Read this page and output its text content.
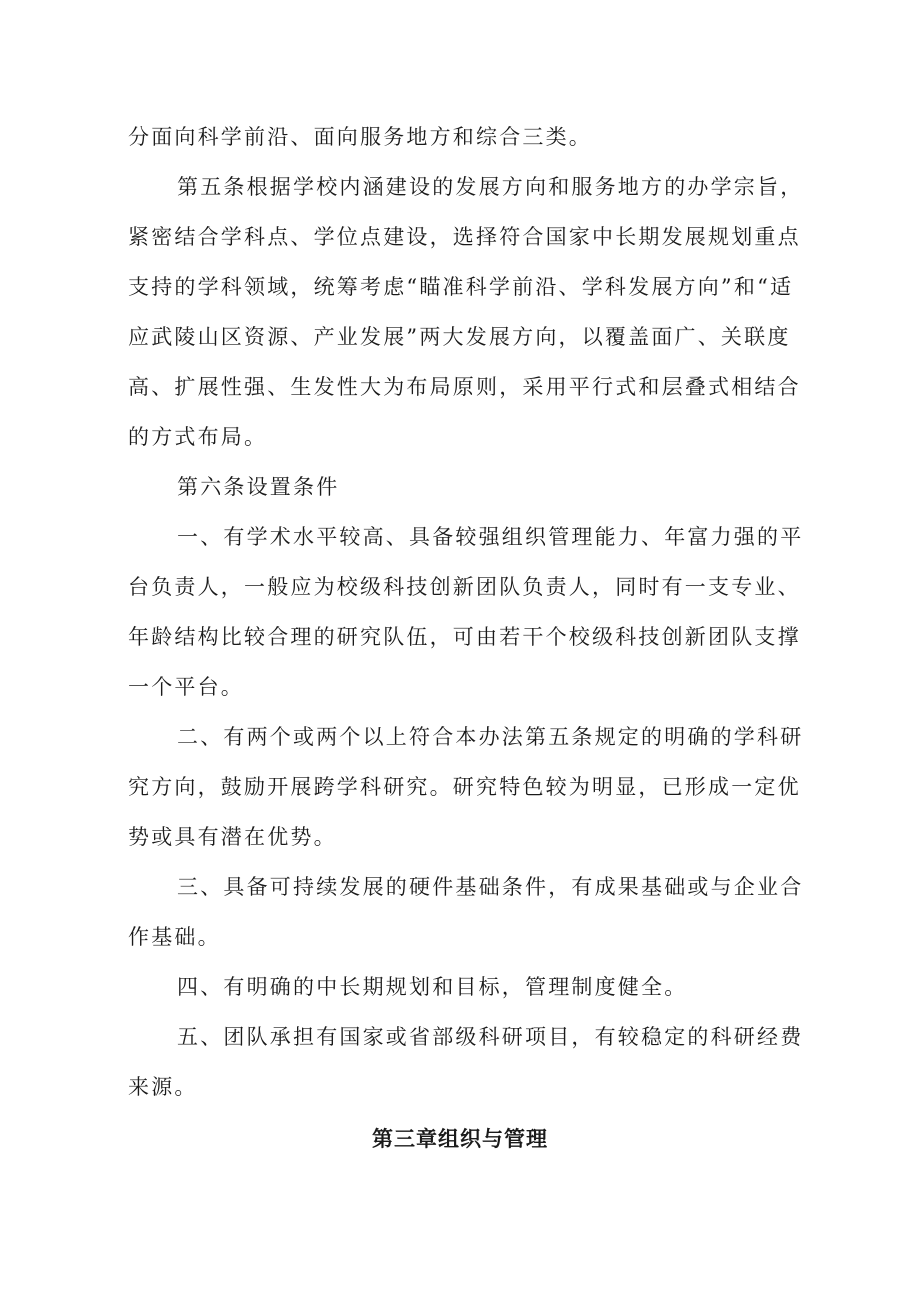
分面向科学前沿、面向服务地方和综合三类。
第五条根据学校内涵建设的发展方向和服务地方的办学宗旨，
紧密结合学科点、学位点建设，选择符合国家中长期发展规划重点
支持的学科领域，统筹考虑“瞄准科学前沿、学科发展方向”和“适
应武陵山区资源、产业发展”两大发展方向，以覆盖面广、关联度
高、扩展性强、生发性大为布局原则，采用平行式和层叠式相结合
的方式布局。
第六条设置条件
一、有学术水平较高、具备较强组织管理能力、年富力强的平
台负责人，一般应为校级科技创新团队负责人，同时有一支专业、
年龄结构比较合理的研究队伍，可由若干个校级科技创新团队支撑
一个平台。
二、有两个或两个以上符合本办法第五条规定的明确的学科研
究方向，鼓励开展跨学科研究。研究特色较为明显，已形成一定优
势或具有潜在优势。
三、具备可持续发展的硬件基础条件，有成果基础或与企业合
作基础。
四、有明确的中长期规划和目标，管理制度健全。
五、团队承担有国家或省部级科研项目，有较稳定的科研经费
来源。
第三章组织与管理
